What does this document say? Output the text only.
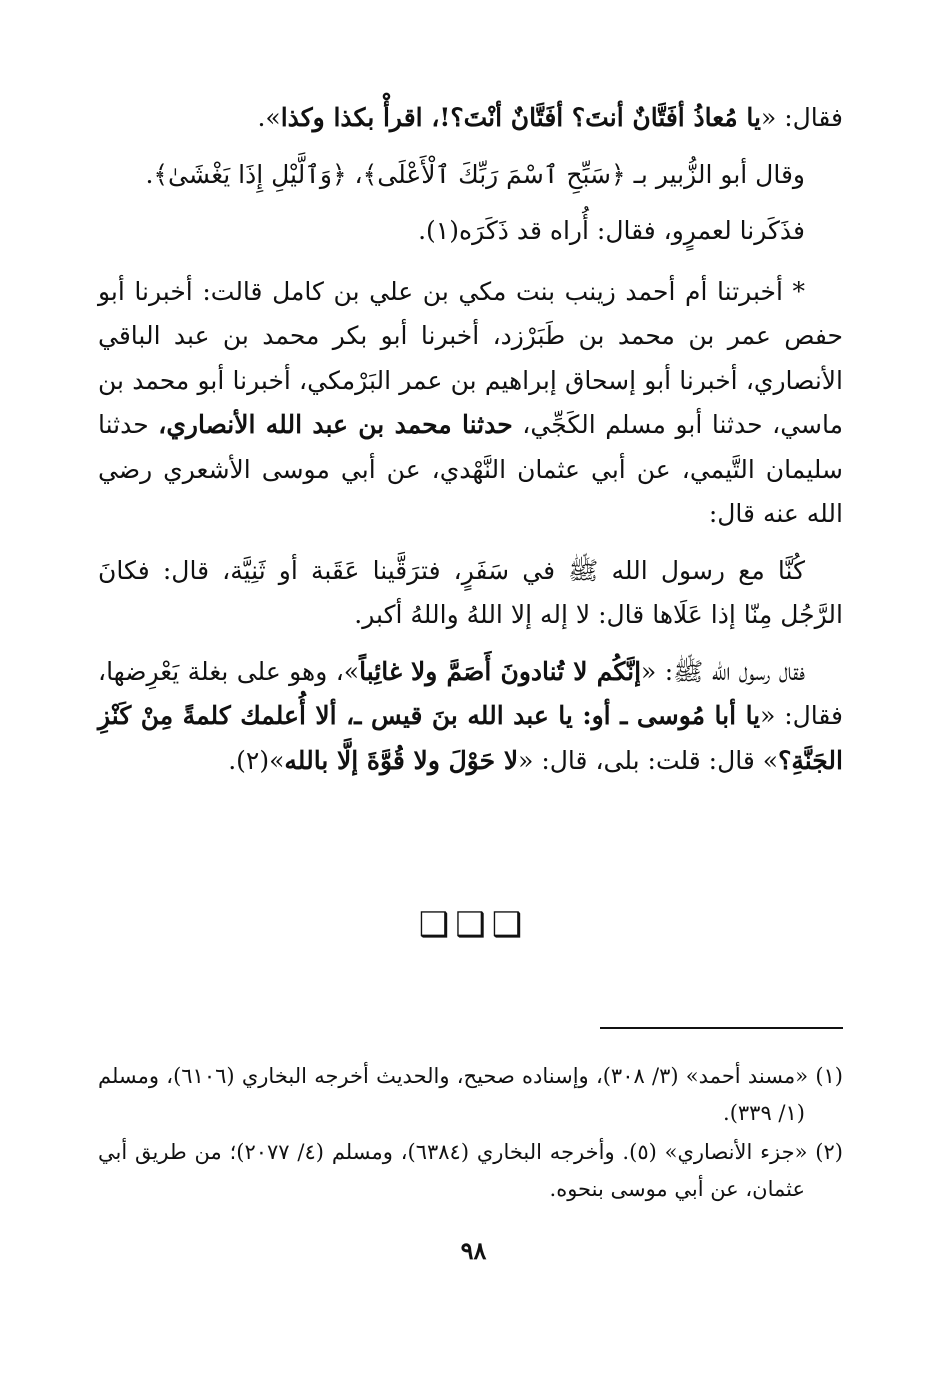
فقال: «يا مُعاذُ أفَتَّانٌ أنتَ؟ أفَتَّانٌ أنْتَ؟!، اقرأْ بكذا وكذا».

وقال أبو الزُّبير بـ ﴿سَبِّحِ ٱسْمَ رَبِّكَ ٱلْأَعْلَى﴾، ﴿وَٱلَّيْلِ إِذَا يَغْشَىٰ﴾.

فذَكَرنا لعمرٍو، فقال: أُراه قد ذَكَرَه(١).

* أخبرتنا أم أحمد زينب بنت مكي بن علي بن كامل قالت: أخبرنا أبو حفص عمر بن محمد بن طَبَرْزد، أخبرنا أبو بكر محمد بن عبد الباقي الأنصاري، أخبرنا أبو إسحاق إبراهيم بن عمر البَرْمكي، أخبرنا أبو محمد بن ماسي، حدثنا أبو مسلم الكَجِّي، حدثنا محمد بن عبد الله الأنصاري، حدثنا سليمان التَّيمي، عن أبي عثمان النَّهْدي، عن أبي موسى الأشعري رضي الله عنه قال:

كُنَّا مع رسول الله ﷺ في سَفَرٍ، فترَقَّينا عَقَبة أو ثَنِيَّة، قال: فكانَ الرَّجُل مِنّا إذا عَلَاها قال: لا إله إلا اللهُ واللهُ أكبر.

فقال رسول الله ﷺ: «إنَّكُم لا تُنادونَ أَصَمَّ ولا غائِباً»، وهو على بغلة يَعْرِضها، فقال: «يا أبا مُوسى ـ أو: يا عبد الله بنَ قيس ـ، ألا أُعلمك كلمةً مِنْ كَنْزِ الجَنَّةِ؟» قال: قلت: بلى، قال: «لا حَوْلَ ولا قُوَّةَ إلَّا بالله»(٢).

❑❑❑

(١) «مسند أحمد» (٣/ ٣٠٨)، وإسناده صحيح، والحديث أخرجه البخاري (٦١٠٦)، ومسلم (١/ ٣٣٩).

(٢) «جزء الأنصاري» (٥). وأخرجه البخاري (٦٣٨٤)، ومسلم (٤/ ٢٠٧٧)؛ من طريق أبي عثمان، عن أبي موسى بنحوه.

٩٨
